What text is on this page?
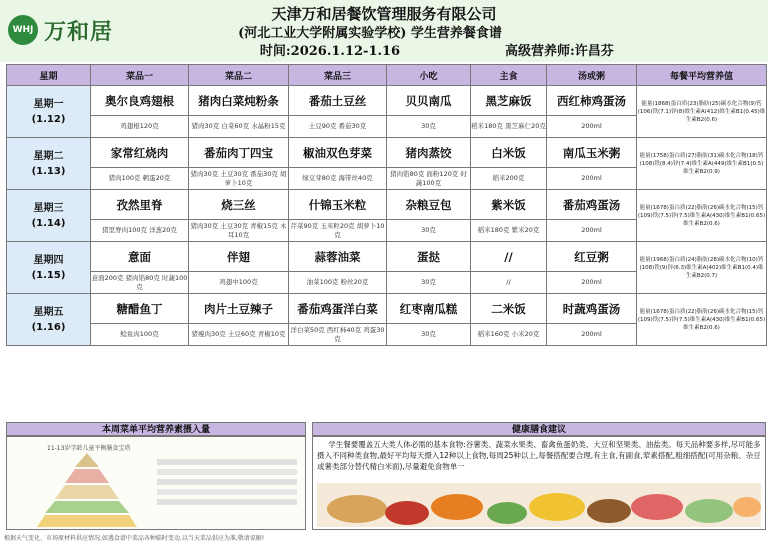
WHJ 万和居
天津万和居餐饮管理服务有限公司
(河北工业大学附属实验学校) 学生营养餐食谱
时间:2026.1.12-1.16	高级营养师:许昌芬
星期	菜品一	菜品二	菜品三	小吃	主食	汤或粥	每餐平均营养值
星期一
(1.12)	奥尔良鸡翅根	猪肉白菜炖粉条	番茄土豆丝	贝贝南瓜	黑芝麻饭	西红柿鸡蛋汤	能量(1868)蛋白质(23)脂肪(25)碳水化合物(9)钙(106)铁(7.1)锌(8)维生素A(412)维生素B1(0.45)维生素B2(0.6)
	鸡翅根120克	猪肉30克 白菜60克 水晶粉15克	土豆90克 番茄30克	30克	稻米180克 黑芝麻仁20克	200ml	
星期二
(1.13)	家常红烧肉	番茄肉丁四宝	椒油双色芽菜	猪肉蒸饺	白米饭	南瓜玉米粥	能量(1758)蛋白质(27)脂肪(31)碳水化合物(18)钙(108)铁(8.4)锌(7.4)维生素A(449)维生素B1(0.5)维生素B2(0.9)
	猪肉100克 鹌蛋20克	猪肉30克 土豆30克 番茄30克 胡萝卜10克	绿豆芽80克 海带丝40克	猪肉馅80克 面粉120克 时蔬100克	稻米200克	200ml	
星期三
(1.14)	孜然里脊	烧三丝	什锦玉米粒	杂粮豆包	紫米饭	番茄鸡蛋汤	能量(1678)蛋白质(22)脂肪(26)碳水化合物(15)钙(109)铁(7.5)锌(7.5)维生素A(430)维生素B1(0.65)维生素B2(0.6)
	猪里脊肉100克 洋葱20克	猪肉30克 土豆30克 青椒15克 木耳10克	芹菜90克 玉米粒20克 胡萝卜10克	30克	稻米180克 紫米20克	200ml	
星期四
(1.15)	意面	伴翅	蒜蓉油菜	蛋挞	//	红豆粥	能量(1968)蛋白质(24)脂肪(28)碳水化合物(10)钙(108)铁(9)锌(6.3)维生素A(402)维生素B1(0.4)维生素B2(0.7)
	意面200克 猪肉馅80克 时蔬100克	鸡翅中100克	油菜100克 粉丝20克	30克	//	200ml	
星期五
(1.16)	糖醋鱼丁	肉片土豆辣子	番茄鸡蛋洋白菜	红枣南瓜糕	二米饭	时蔬鸡蛋汤	能量(1678)蛋白质(22)脂肪(26)碳水化合物(15)钙(109)铁(7.5)锌(7.5)维生素A(430)维生素B1(0.65)维生素B2(0.6)
	鲶鱼肉100克	猪瘦肉30克 土豆60克 青椒10克	洋白菜50克 西红柿40克 鸡蛋30克	30克	稻米160克 小米20克	200ml	
本周菜单平均营养素摄入量	健康膳食建议
11-13岁学龄儿童平衡膳食宝塔	学生餐要覆盖五大类人体必需的基本食物:谷薯类、蔬菜水果类、畜禽鱼蛋奶类、大豆和坚果类、油盐类。每天品种要多样,尽可能多摄入不同种类食物,最好平均每天摄入12种以上食物,每周25种以上,每餐搭配要合理,有主食,有副食,荤素搭配,粗细搭配(可用杂粮、杂豆或薯类部分替代精白米面),尽量避免食物单一
根据天气变化、市场原材料供应情况,如遇食谱中菜品各种临时变动,以当天菜品供应为准,敬请谅解!
